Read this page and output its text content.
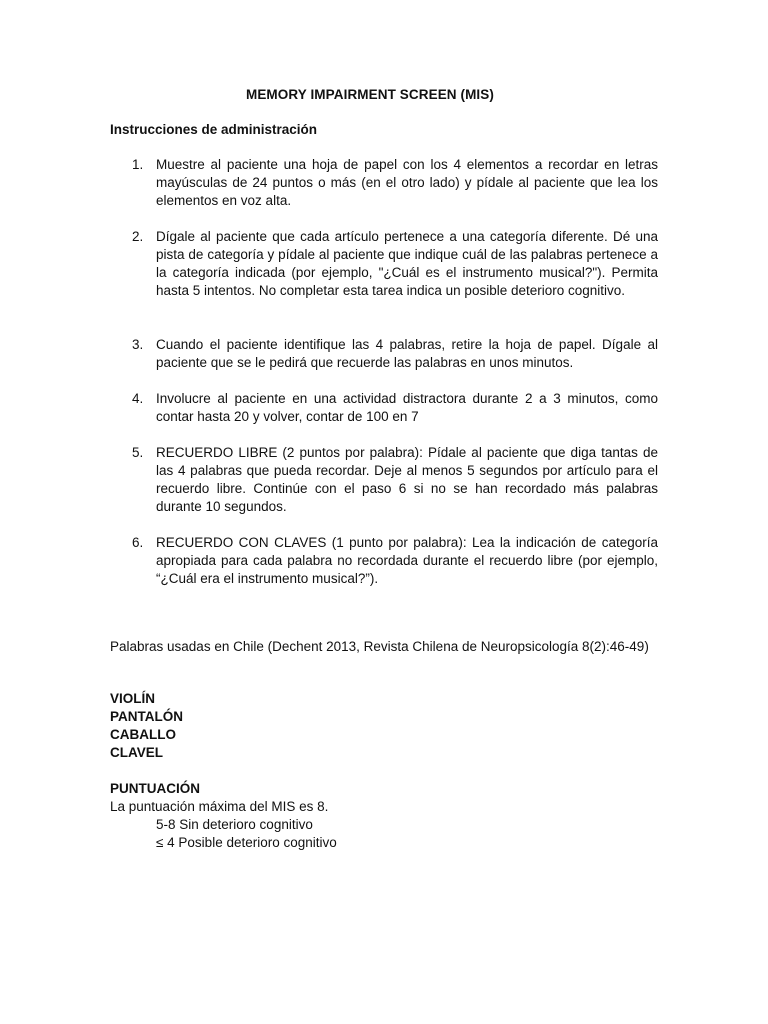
MEMORY IMPAIRMENT SCREEN (MIS)
Instrucciones de administración
1. Muestre al paciente una hoja de papel con los 4 elementos a recordar en letras mayúsculas de 24 puntos o más (en el otro lado) y pídale al paciente que lea los elementos en voz alta.
2. Dígale al paciente que cada artículo pertenece a una categoría diferente. Dé una pista de categoría y pídale al paciente que indique cuál de las palabras pertenece a la categoría indicada (por ejemplo, "¿Cuál es el instrumento musical?"). Permita hasta 5 intentos. No completar esta tarea indica un posible deterioro cognitivo.
3. Cuando el paciente identifique las 4 palabras, retire la hoja de papel. Dígale al paciente que se le pedirá que recuerde las palabras en unos minutos.
4. Involucre al paciente en una actividad distractora durante 2 a 3 minutos, como contar hasta 20 y volver, contar de 100 en 7
5. RECUERDO LIBRE (2 puntos por palabra): Pídale al paciente que diga tantas de las 4 palabras que pueda recordar. Deje al menos 5 segundos por artículo para el recuerdo libre. Continúe con el paso 6 si no se han recordado más palabras durante 10 segundos.
6. RECUERDO CON CLAVES (1 punto por palabra): Lea la indicación de categoría apropiada para cada palabra no recordada durante el recuerdo libre (por ejemplo, “¿Cuál era el instrumento musical?”).
Palabras usadas en Chile (Dechent 2013, Revista Chilena de Neuropsicología 8(2):46-49)
VIOLÍN
PANTALÓN
CABALLO
CLAVEL
PUNTUACIÓN
La puntuación máxima del MIS es 8.
5-8 Sin deterioro cognitivo
≤ 4 Posible deterioro cognitivo
